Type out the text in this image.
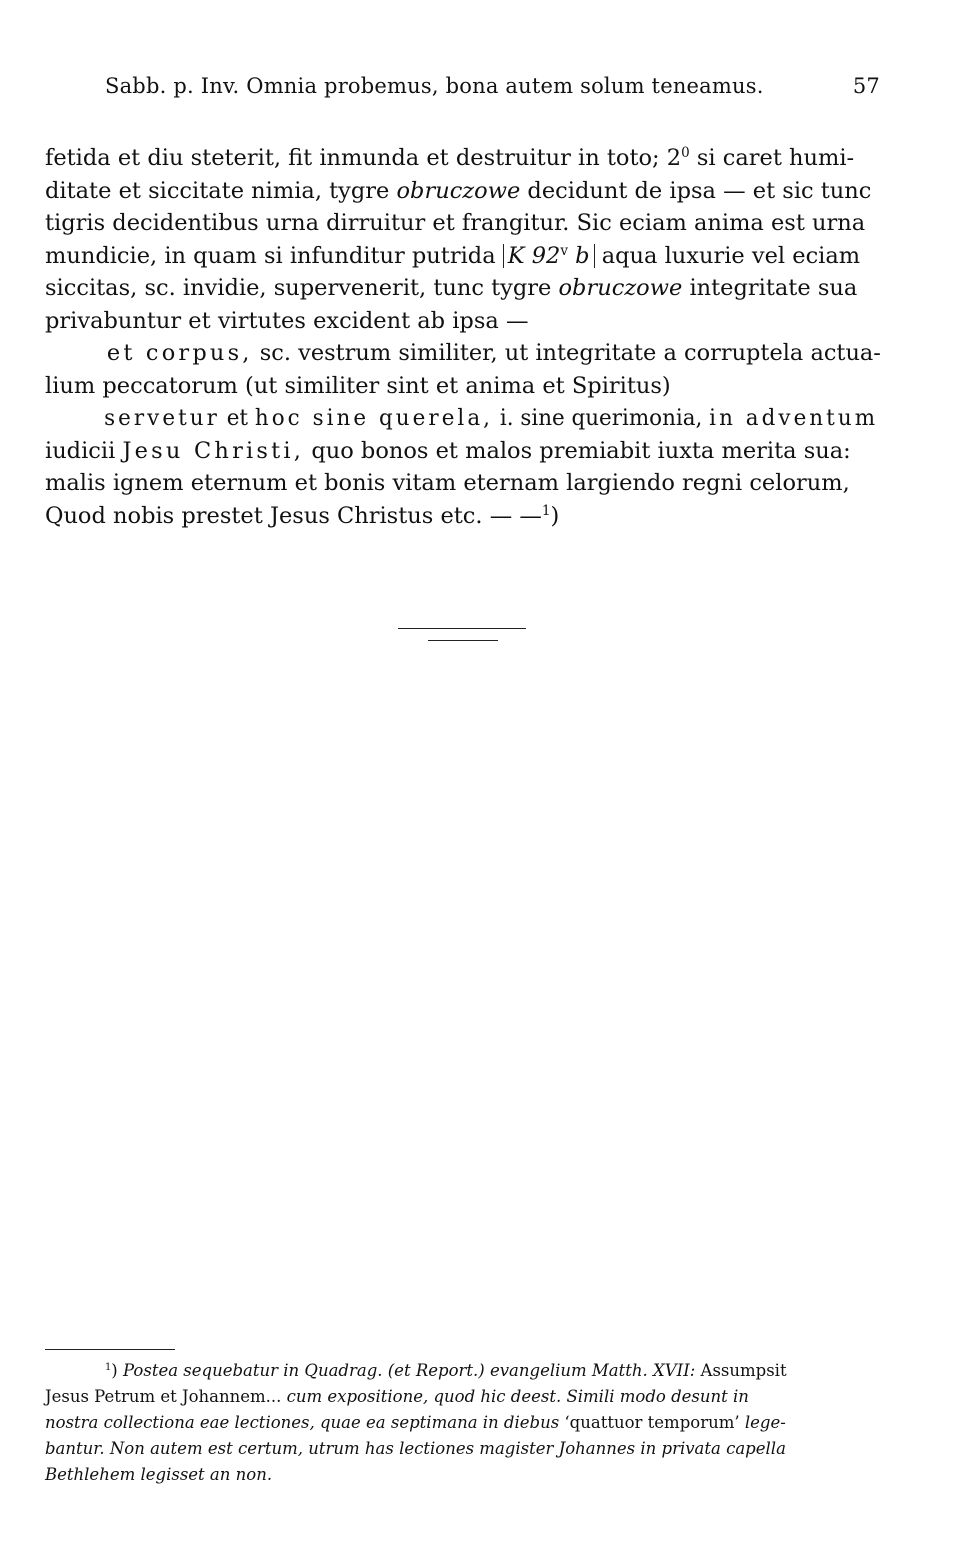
Sabb. p. Inv. Omnia probemus, bona autem solum teneamus.	57
fetida et diu steterit, fit inmunda et destruitur in toto; $2^0$ si caret humi-
ditate et siccitate nimia, tygre obruczowe decidunt de ipsa — et sic tunc
tigris decidentibus urna dirruitur et frangitur. Sic eciam anima est urna
mundicie, in quam si infunditur putrida K 92$^v$ b aqua luxurie vel eciam
siccitas, sc. invidie, supervenerit, tunc tygre obruczowe integritate sua
privabuntur et virtutes excident ab ipsa —
et corpus, sc. vestrum similiter, ut integritate a corruptela actua-
lium peccatorum (ut similiter sint et anima et Spiritus)
servetur et hoc sine querela, i. sine querimonia, in adventum
iudicii Jesu Christi, quo bonos et malos premiabit iuxta merita sua:
malis ignem eternum et bonis vitam eternam largiendo regni celorum,
Quod nobis prestet Jesus Christus etc. — —$^1$)
$^1$) Postea sequebatur in Quadrag. (et Report.) evangelium Matth. XVII: Assumpsit
Jesus Petrum et Johannem... cum expositione, quod hic deest. Simili modo desunt in
nostra collectiona eae lectiones, quae ea septimana in diebus ‘quattuor temporum’ lege-
bantur. Non autem est certum, utrum has lectiones magister Johannes in privata capella
Bethlehem legisset an non.
